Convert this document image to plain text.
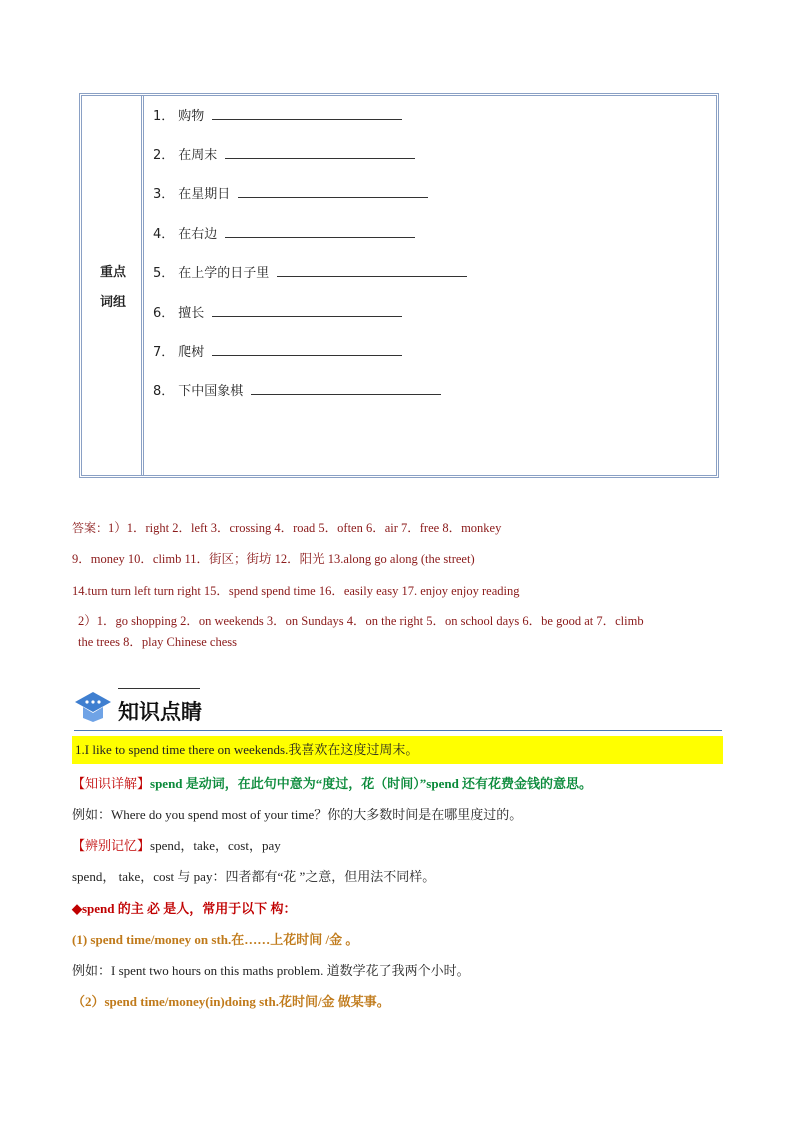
重点
词组
1． 购物
2． 在周末
3． 在星期日
4． 在右边
5． 在上学的日子里
6． 擅长
7． 爬树
8． 下中国象棋
答案：1）1．right 2．left 3．crossing 4．road 5．often 6．air 7．free 8．monkey
9．money 10．climb 11．街区；街坊 12．阳光 13.along go along (the street)
14.turn turn left turn right 15．spend spend time 16．easily easy 17. enjoy enjoy reading
2）1．go shopping 2．on weekends 3．on Sundays 4．on the right 5．on school days 6．be good at 7．climb
the trees 8．play Chinese chess
知识点睛
1.I like to spend time there on weekends.我喜欢在这度过周末。
【知识详解】spend 是动词，在此句中意为“度过，花（时间）”spend 还有花费金钱的意思。
例如：Where do you spend most of your time？你的大多数时间是在哪里度过的。
【辨别记忆】spend，take，cost，pay
spend， take，cost 与 pay：四者都有“花 ”之意，但用法不同样。
◆spend 的主 必 是人，常用于以下 构：
(1) spend time/money on sth.在……上花时间 /金 。
例如：I spent two hours on this maths problem. 道数学花了我两个小时。
（2）spend time/money(in)doing sth.花时间/金 做某事。
